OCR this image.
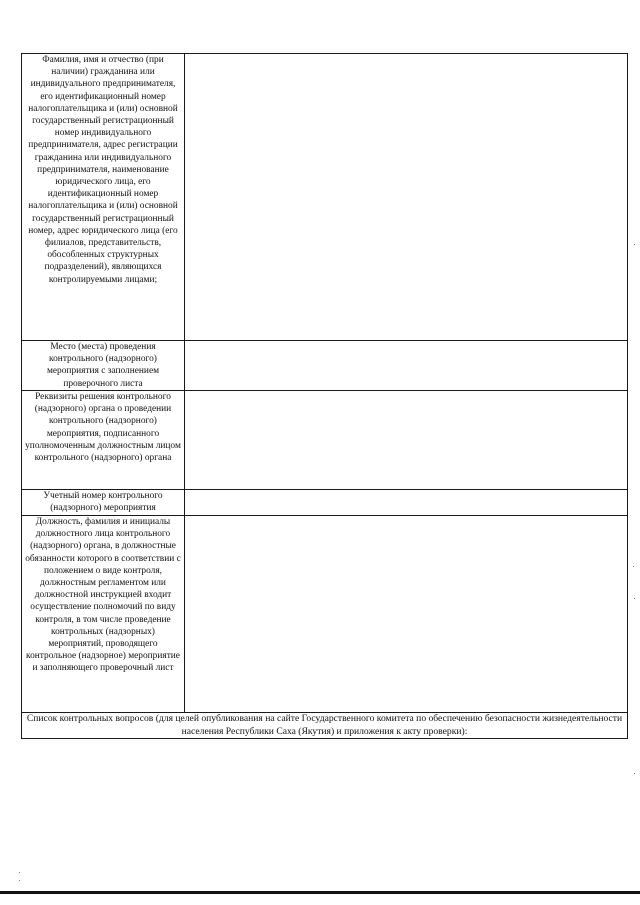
Фамилия, имя и отчество (при наличии) гражданина или индивидуального предпринимателя, его идентификационный номер налогоплательщика и (или) основной государственный регистрационный номер индивидуального предпринимателя, адрес регистрации гражданина или индивидуального предпринимателя, наименование юридического лица, его идентификационный номер налогоплательщика и (или) основной государственный регистрационный номер, адрес юридического лица (его филиалов, представительств, обособленных структурных подразделений), являющихся контролируемыми лицами;	

Место (места) проведения контрольного (надзорного) мероприятия с заполнением проверочного листа	

Реквизиты решения контрольного (надзорного) органа о проведении контрольного (надзорного) мероприятия, подписанного уполномоченным должностным лицом контрольного (надзорного) органа	

Учетный номер контрольного (надзорного) мероприятия	

Должность, фамилия и инициалы должностного лица контрольного (надзорного) органа, в должностные обязанности которого в соответствии с положением о виде контроля, должностным регламентом или должностной инструкцией входит осуществление полномочий по виду контроля, в том числе проведение контрольных (надзорных) мероприятий, проводящего контрольное (надзорное) мероприятие и заполняющего проверочный лист	

Список контрольных вопросов (для целей опубликования на сайте Государственного комитета по обеспечению безопасности жизнедеятельности населения Республики Саха (Якутия) и приложения к акту проверки):	
